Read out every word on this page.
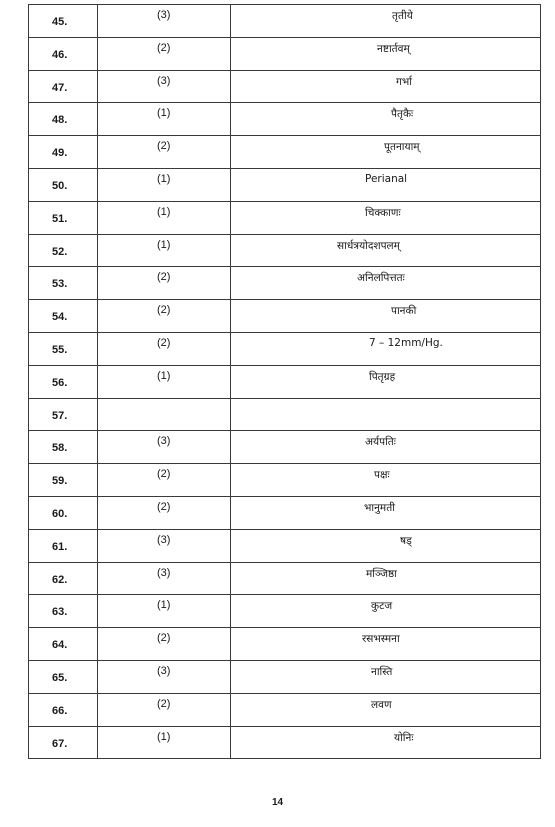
45.	(3)	तृतीये

46.	(2)	नष्टार्तवम्

47.	(3)	गर्भा

48.	(1)	पैतृकैः

49.	(2)	पूतनायाम्

50.	(1)	Perianal

51.	(1)	चिक्काणः

52.	(1)	सार्धत्रयोदशपलम्

53.	(2)	अनिलपित्ततः

54.	(2)	पानकी

55.	(2)	7 – 12mm/Hg.

56.	(1)	पितृग्रह

57.		

58.	(3)	अर्यपतिः

59.	(2)	पक्षः

60.	(2)	भानुमती

61.	(3)	षड्

62.	(3)	मञ्जिष्ठा

63.	(1)	कुटज

64.	(2)	रसभस्मना

65.	(3)	नास्ति

66.	(2)	लवण

67.	(1)	योनिः
14
